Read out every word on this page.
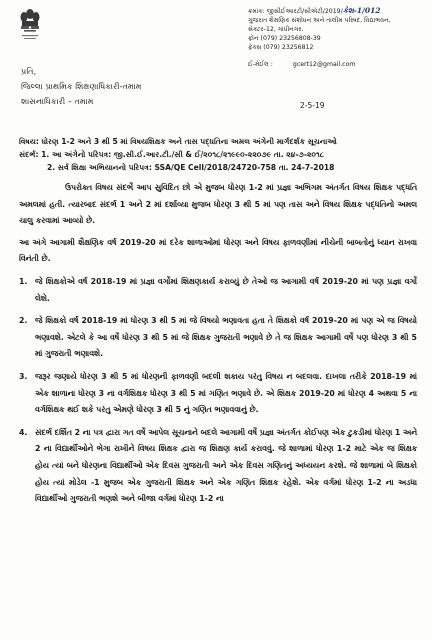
ક્રમાંક: જીસીઈઆરટી/સીએટી/2019/કેશ-1/012
ગુજરાત શૈક્ષણિક સંશોધન અને તાલીમ પરિષદ, વિદ્યાભવન,
સેક્ટર-12, ગાંધીનગર.
ફોન (079) 23256808-39
ફેક્સ (079) 23256812
ઈ-મેઈલ :	gcert12@gmail.com
પ્રતિ,
જિલ્લા પ્રાથમિક શિક્ષણાધિકારી-તમામ
શાસનાધિકારી – તમામ	2-5-19
વિષય: ધોરણ 1-2 અને 3 થી 5 માં વિષયશિક્ષક અને તાસ પદ્ધતિના અમલ અંગેની માર્ગદર્શક સૂચનાઓ
સંદર્ભ: 1. આ અંગેનો પરિપત્ર: જી.સી.ઈ.આર.ટી./સી & ઈ/૨૦૧૮/૨૧૯૯૦-૨૨૦૭૯ તા. ૨૪-૭-૨૦૧૮
2. સર્વ શિક્ષા અભિયાનનો પરિપત્ર: SSA/QE Cell/2018/24720-758 તા. 24-7-2018

ઉપરોક્ત વિષય સંદર્ભે આપ સુવિદિત છો એ મુજબ ધોરણ 1-2 માં પ્રજ્ઞા અભિગમ અંતર્ગત વિષય શિક્ષક પદ્ધતિ અમલમાં હતી. ત્યારબાદ સંદર્ભ 1 અને 2 માં દર્શાવ્યા મુજબ ધોરણ 3 થી 5 માં પણ તાસ અને વિષય શિક્ષક પદ્ધતિનો અમલ ચાલુ કરવામાં આવ્યો છે.

આ અંગે આગામી શૈક્ષણિક વર્ષ 2019-20 માં દરેક શાળાઓમાં ધોરણ અને વિષય ફાળવણીમાં નીચેની બાબતોનું ધ્યાન રાખવા વિનંતી છે.

1. જે શિક્ષકોએ વર્ષ 2018-19 માં પ્રજ્ઞા વર્ગોમાં શિક્ષણકાર્ય કરાવ્યું છે તેઓ જ આગામી વર્ષ 2019-20 માં પણ પ્રજ્ઞા વર્ગો લેશે.
2. જે શિક્ષકો વર્ષ 2018-19 માં ધોરણ 3 થી 5 માં જે વિષયો ભણાવતા હતા તે શિક્ષકો વર્ષ 2019-20 માં પણ એ જ વિષયો ભણાવશે. એટલે કે આ વર્ષે ધોરણ 3 થી 5 માં જે શિક્ષક ગુજરાતી ભણાવે છે તે જ શિક્ષક આગામી વર્ષે પણ ધોરણ 3 થી 5 માં ગુજરાતી ભણાવશે.
3. જરૂર જણાયે ધોરણ 3 થી 5 માં ધોરણની ફાળવણી બદલી શકાય પરંતુ વિષય ન બદલવા. દાખલા તરીકે 2018-19 માં એક શાળાના ધોરણ 3 ના વર્ગશિક્ષક ધોરણ 3 થી 5 માં ગણિત ભણાવે છે. એ શિક્ષક 2019-20 માં ધોરણ 4 અથવા 5 ના વર્ગશિક્ષક થઈ શકે પરંતુ એમણે ધોરણ 3 થી 5 નું ગણિત ભણાવવાનું છે.
4. સંદર્ભ દર્શિત 2 ના પત્ર દ્વારા ગત વર્ષે આપેલ સૂચનાને બદલે આગામી વર્ષે પ્રજ્ઞા અંતર્ગત કોઈપણ એક ટુકડીમાં ધોરણ 1 અને 2 ના વિદ્યાર્થીઓને ભેગા રાખીને વિષય શિક્ષક દ્વારા જ શિક્ષણ કાર્ય કરાવવું. જે શાળામાં ધોરણ 1-2 માટે એક જ શિક્ષક હોય ત્યાં બને ધોરણના વિદ્યાર્થીઓ એક દિવસ ગુજરાતી અને એક દિવસ ગણિતનું અધ્યયન કરશે. જે શાળામાં બે શિક્ષકો હોય ત્યાં મોડેલ -1 મુજબ એક ગુજરાતી શિક્ષક અને એક ગણિત શિક્ષક રહેશે. એક વર્ગમાં ધોરણ 1-2 ના અડધા વિદ્યાર્થીઓ ગુજરાતી ભણશે અને બીજા વર્ગમાં ધોરણ 1-2 ના
